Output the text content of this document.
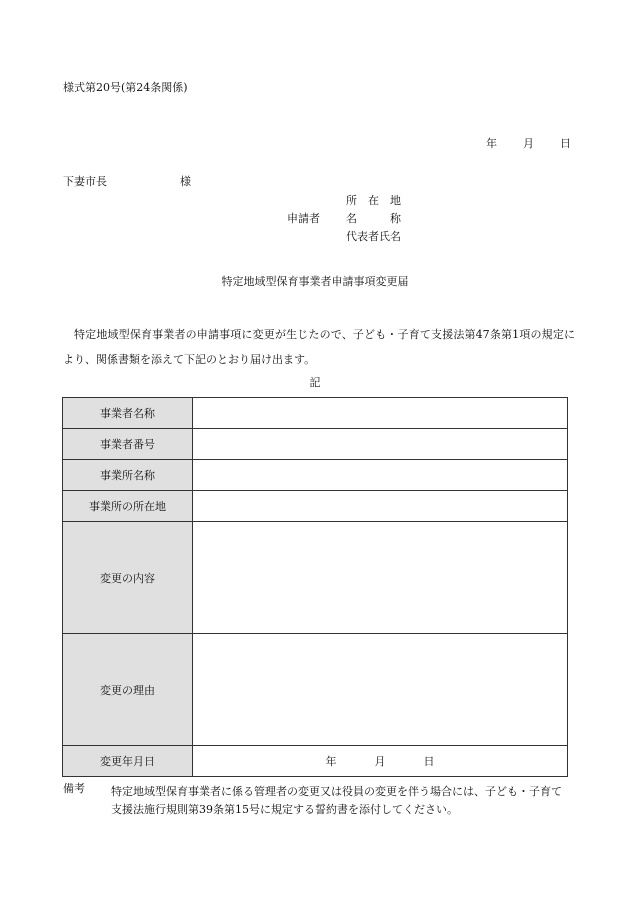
様式第20号(第24条関係)
年 月 日
下妻市長	様
申請者
所　在　地
名　　　称
代表者氏名
特定地域型保育事業者申請事項変更届
特定地域型保育事業者の申請事項に変更が生じたので、子ども・子育て支援法第47条第1項の規定により、関係書類を添えて下記のとおり届け出ます。
記
事業者名称	
事業者番号	
事業所名称	
事業所の所在地	
変更の内容	
変更の理由	
変更年月日	年 月 日
備考 特定地域型保育事業者に係る管理者の変更又は役員の変更を伴う場合には、子ども・子育て支援法施行規則第39条第15号に規定する誓約書を添付してください。
